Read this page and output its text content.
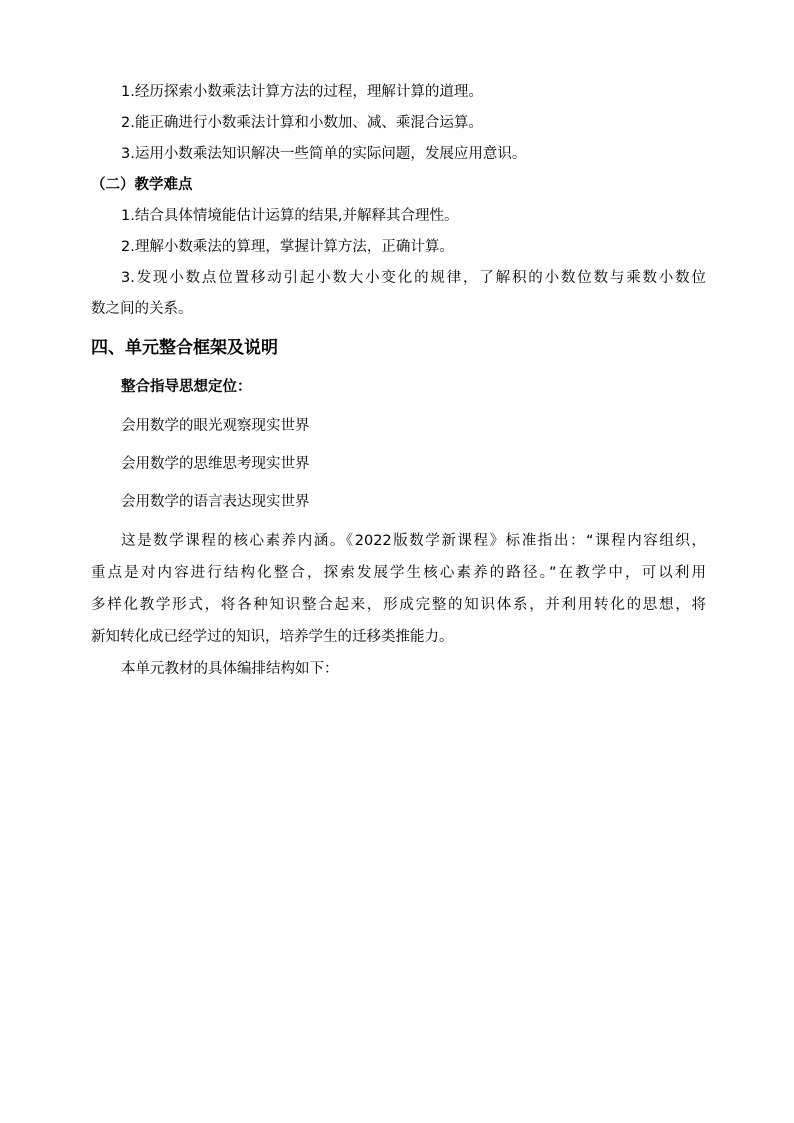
1.经历探索小数乘法计算方法的过程，理解计算的道理。
2.能正确进行小数乘法计算和小数加、减、乘混合运算。
3.运用小数乘法知识解决一些简单的实际问题，发展应用意识。
（二）教学难点
1.结合具体情境能估计运算的结果,并解释其合理性。
2.理解小数乘法的算理，掌握计算方法，正确计算。
3.发现小数点位置移动引起小数大小变化的规律，了解积的小数位数与乘数小数位
数之间的关系。
四、单元整合框架及说明
整合指导思想定位：
会用数学的眼光观察现实世界
会用数学的思维思考现实世界
会用数学的语言表达现实世界
这是数学课程的核心素养内涵。《2022版数学新课程》标准指出：“课程内容组织，
重点是对内容进行结构化整合，探索发展学生核心素养的路径。”在教学中，可以利用
多样化教学形式，将各种知识整合起来，形成完整的知识体系，并利用转化的思想，将
新知转化成已经学过的知识，培养学生的迁移类推能力。
本单元教材的具体编排结构如下：
